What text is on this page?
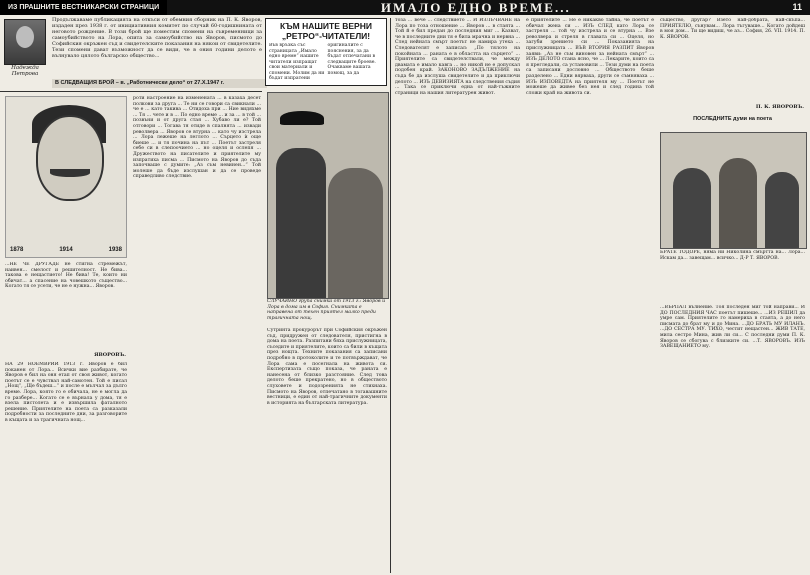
ИЗ ПРАШНИТЕ ВЕСТНИКАРСКИ СТРАНИЦИ	ИМАЛО ЕДНО ВРЕМЕ...	11
Надежда Петрова
Продължаваме публикацията на откъси от обемния сборник на П. К. Яворов, издаден през 1938 г. от инициативния комитет по случай 60-годишнината от неговото рождение. В този брой ще поместим спомени на съвременници за самоубийството на Лора, опита за самоубийство на Яворов, писмото до Софийския окръжен съд и свидетелските показания на някои от свидетелите. Тези спомени дават възможност да се види, че в ония години делото е вълнувало цялото българско общество...
В СЛЕДВАЩИЯ БРОЙ – в. „Работнически дело“ от 27.Х.1947 г.
КЪМ НАШИТЕ ВЕРНИ „РЕТРО“-ЧИТАТЕЛИ!
Във връзка със страницата „Имало едно време“ нашите читатели изпращат свои материали и спомени. Молим да ни бъдат изпратени оригиналите с пояснения, за да бъдат отпечатани в следващите броеве. Очакваме вашата помощ, за да
1878	1914	1938
...НЕ ЧЕ ДРУГАДЕ не стигна стремежът, наивен... смелост и решителност. Не бива... такова е нещастието! Не бива! Те, които ни обичат... а спасение на човешкото същество... Когато тя се усети, че не е нужна... Яворов.
ЯВОРОВЪ.
НА 29 НОЕМВРИЙ 1913 г. Яворов е бил поканен от Лора... Всички вие разбирате, че Яворов е бил на оня етап от своя живот, когато поетът се е чувствал най-самотен. Той е писал „Нощ“, „Ще бъдеш...“ и после е мълчал за дълго време. Лора, която го е обичала, не е могла да го разбере... Когато се е върнала у дома, тя е взела пистолета и е извършила фаталното решение. Приятелите на поета са разказали подробности за последните дни, за разговорите в къщата и за трагичната нощ...
роти настроение на изменената ... в казаха десет полкови за друга ... Те ни се говори са свикнали ... че е ... като такива ... Отидоха при ... Ние видяхме ... Тя ... чете и в ... По едно време ... и за ... в той ... позвъни и от друга стая ... Хубаво ли е? Той отговори ... Тогава тя отиде в спалнята ... извади револвера ... Яворов се втурна ... като чу изстрела ... Лора лежеше на леглото ... Сърцето ѝ още биеше ... и тя почина на път ... Поетът застреля себе си в слепоочието ... но оцеля и ослепя ... Дружеството на писателите и приятелите му изпратиха писма ... Писмото на Яворов до съда започваше с думите: „Аз съм невинен...“ Той молеше да бъде изслушан и да се проведе справедливо следствие.
СЛУЧАЙНО група снимка от 1913 г.: Яворов и Лора в дома им в София. Снимката е направена от техен приятел малко преди трагичната нощ.
Сутринта прокурорът при Софийския окръжен съд, придружен от следователя, пристигна в дома на поета. Разпитани бяха прислужницата, съседите и приятелите, които са били в къщата през нощта. Техните показания са записани подробно в протоколите и те потвърждават, че Лора сама е посегнала на живота си. Експертизата също показа, че раната е нанесена от близко разстояние. След това делото беше прекратено, но в обществото слуховете и подозренията не стихнаха. Писмото на Яворов, отпечатано в тогавашните вестници, е един от най-трагичните документи в историята на българската литература.
тоза ... вече ... следствието ... И ИЗЛЪЧВАНЕ на Лора по тоза отношение ... Яворов ... в стаята ... Той й е бил предан до последния миг ... Казват, че в последните дни тя е била мрачна и нервна ... След нейната смърт поетът не намира утеха ... Следователят е записал: „По тялото на покойната ... раната е в областта на сърцето“ ... Приятелите са свидетелствали, че между двамата е имало кавга ... но никой не е допускал подобен край. ЗАКОНОВО ЗАДЪЛЖЕНИЕ на съда бе да изслуша свидетелите и да приключи делото ... ИЗЪ ДЕВИЗИЯТА на следствения съдия ... Така се приключи една от най-тъжните страници на нашия литературен живот.
е приятелите ... Не е никакво тайна, че поетът е обичал жена си ... ИЗЪ СЛЕД като Лора се застреля ... той чу изстрела и се втурна ... Взе револвера и стреля в главата си ... Оцеля, но загуби зрението си ... Показанията на прислужницата ... ВЪВ ВТОРИЯ РАЗПИТ Яворов заяви: „Аз не съм виновен за нейната смърт“ ... ИЗЪ ДЕЛОТО стана ясно, че ... Лекарите, които са я прегледали, са установили ... Тези думи на поета са записани дословно ... Обществото беше разделено ... Едни вярваха, други се съмняваха ... ИЗЪ ИЗПОВЕДТА на приятеля му ... Поетът не можеше да живее без нея и след година той сложи край на живота си.
същество, другар? Взето най-добрата, най-скъпа... ПРИЯТЕЛЮ, сънувам... Лора тъгуваше... Когато дойдеш в моя дом... Ти ще видиш, че аз... София, 26. VII. 1914. П. К. ЯВОРОВ.
П. К. ЯВОРОВЪ.
ПОСЛЕДНИТЕ думи на поета
БРАТЕ ТОДОРЕ, няма ни Николина смъртта на... Лора... Искам да... завещам... всичко... Д-Р Т. ЯВОРОВ.
...ВЪРПАЛ вълнение. Тоя последен миг той направи... И ДО ПОСЛЕДНИЯ ЧАС поетът пишеше... ...ИЗ РЕШИЛ да умре сам. Приятелите го намериха в стаята, а до него писмата до брат му и до Мина. ...ДО БРАТЬ МУ ИЛАНЪ. ...ДО СЕСТРА МУ. ТИХО, честит нещастен... ЖИВ ТАТЕ, мила сестро Мина, жив ли си... С последни думи П. К. Яворов се сбогува с близките си. ...Т. ЯВОРОВЪ. ИЗЪ ЗАВЕЩАНИЕТО му.
